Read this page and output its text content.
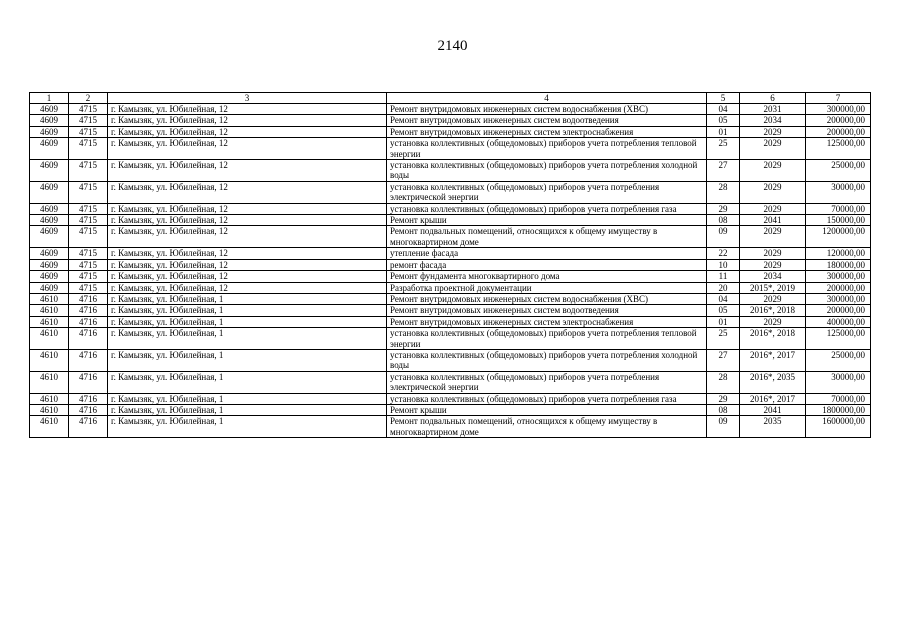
2140
1	2	3	4	5	6	7
4609	4715	г. Камызяк, ул. Юбилейная, 12	Ремонт внутридомовых инженерных систем водоснабжения (ХВС)	04	2031	300000,00
4609	4715	г. Камызяк, ул. Юбилейная, 12	Ремонт внутридомовых инженерных систем водоотведения	05	2034	200000,00
4609	4715	г. Камызяк, ул. Юбилейная, 12	Ремонт внутридомовых инженерных систем электроснабжения	01	2029	200000,00
4609	4715	г. Камызяк, ул. Юбилейная, 12	установка коллективных (общедомовых) приборов учета потребления тепловой энергии	25	2029	125000,00
4609	4715	г. Камызяк, ул. Юбилейная, 12	установка коллективных (общедомовых) приборов учета потребления холодной воды	27	2029	25000,00
4609	4715	г. Камызяк, ул. Юбилейная, 12	установка коллективных (общедомовых) приборов учета потребления электрической энергии	28	2029	30000,00
4609	4715	г. Камызяк, ул. Юбилейная, 12	установка коллективных (общедомовых) приборов учета потребления газа	29	2029	70000,00
4609	4715	г. Камызяк, ул. Юбилейная, 12	Ремонт крыши	08	2041	150000,00
4609	4715	г. Камызяк, ул. Юбилейная, 12	Ремонт подвальных помещений, относящихся к общему имуществу в многоквартирном доме	09	2029	1200000,00
4609	4715	г. Камызяк, ул. Юбилейная, 12	утепление фасада	22	2029	120000,00
4609	4715	г. Камызяк, ул. Юбилейная, 12	ремонт фасада	10	2029	180000,00
4609	4715	г. Камызяк, ул. Юбилейная, 12	Ремонт фундамента многоквартирного дома	11	2034	300000,00
4609	4715	г. Камызяк, ул. Юбилейная, 12	Разработка проектной документации	20	2015*, 2019	200000,00
4610	4716	г. Камызяк, ул. Юбилейная, 1	Ремонт внутридомовых инженерных систем водоснабжения (ХВС)	04	2029	300000,00
4610	4716	г. Камызяк, ул. Юбилейная, 1	Ремонт внутридомовых инженерных систем водоотведения	05	2016*, 2018	200000,00
4610	4716	г. Камызяк, ул. Юбилейная, 1	Ремонт внутридомовых инженерных систем электроснабжения	01	2029	400000,00
4610	4716	г. Камызяк, ул. Юбилейная, 1	установка коллективных (общедомовых) приборов учета потребления тепловой энергии	25	2016*, 2018	125000,00
4610	4716	г. Камызяк, ул. Юбилейная, 1	установка коллективных (общедомовых) приборов учета потребления холодной воды	27	2016*, 2017	25000,00
4610	4716	г. Камызяк, ул. Юбилейная, 1	установка коллективных (общедомовых) приборов учета потребления электрической энергии	28	2016*, 2035	30000,00
4610	4716	г. Камызяк, ул. Юбилейная, 1	установка коллективных (общедомовых) приборов учета потребления газа	29	2016*, 2017	70000,00
4610	4716	г. Камызяк, ул. Юбилейная, 1	Ремонт крыши	08	2041	1800000,00
4610	4716	г. Камызяк, ул. Юбилейная, 1	Ремонт подвальных помещений, относящихся к общему имуществу в многоквартирном доме	09	2035	1600000,00
